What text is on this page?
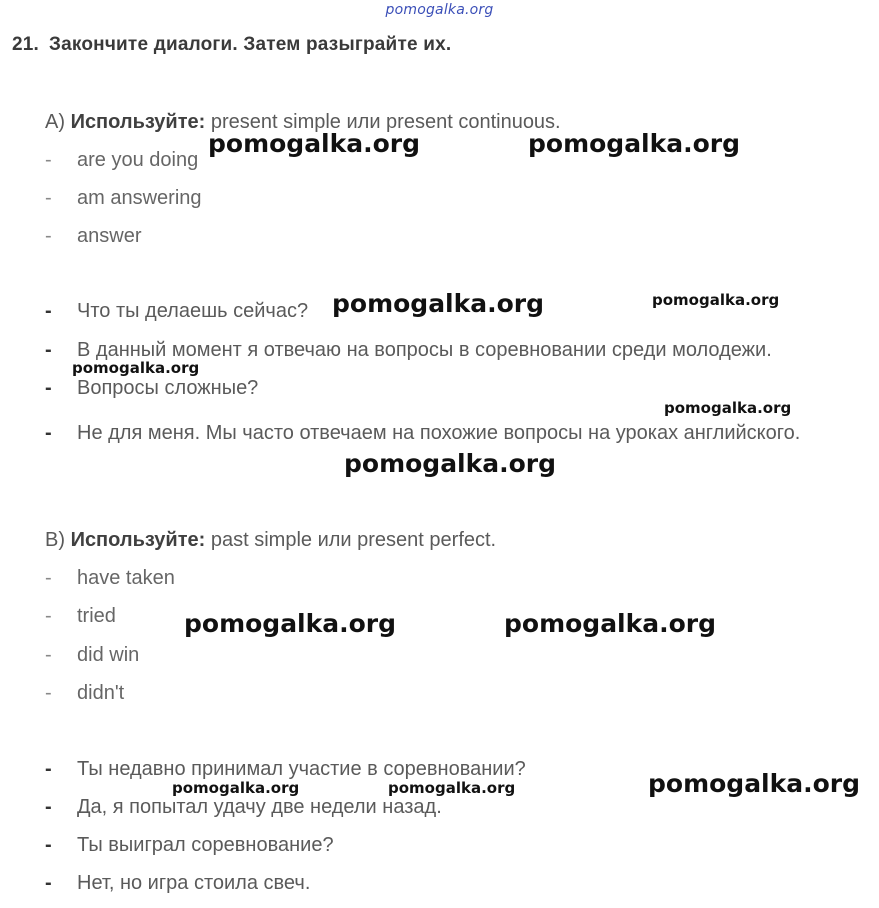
pomogalka.org
21. Закончите диалоги. Затем разыграйте их.
A) Используйте: present simple или present continuous.
- are you doing
- am answering
- answer
- Что ты делаешь сейчас?
- В данный момент я отвечаю на вопросы в соревновании среди молодежи.
- Вопросы сложные?
- Не для меня. Мы часто отвечаем на похожие вопросы на уроках английского.
B) Используйте: past simple или present perfect.
- have taken
- tried
- did win
- didn't
- Ты недавно принимал участие в соревновании?
- Да, я попытал удачу две недели назад.
- Ты выиграл соревнование?
- Нет, но игра стоила свеч.
pomogalka.org	pomogalka.org
pomogalka.org	pomogalka.org
pomogalka.org
pomogalka.org
pomogalka.org
pomogalka.org	pomogalka.org
pomogalka.org
pomogalka.org	pomogalka.org
